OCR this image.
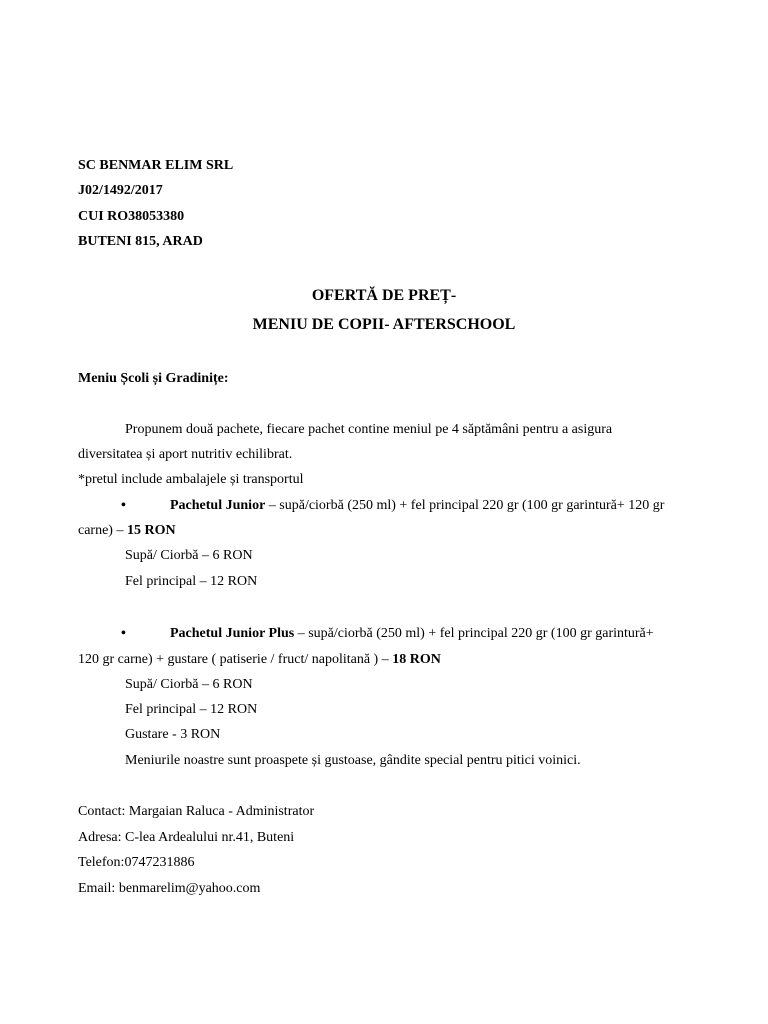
SC BENMAR ELIM SRL
J02/1492/2017
CUI RO38053380
BUTENI 815, ARAD
OFERTĂ DE PREȚ-
MENIU DE COPII- AFTERSCHOOL
Meniu Școli și Gradinițe:
Propunem două pachete, fiecare pachet contine meniul pe 4 săptămâni pentru a asigura
diversitatea și aport nutritiv echilibrat.
*pretul include ambalajele și transportul
•	Pachetul Junior – supă/ciorbă (250 ml) + fel principal 220 gr (100 gr garintură+ 120 gr
carne) – 15 RON
Supă/ Ciorbă – 6 RON
Fel principal – 12 RON
•	Pachetul Junior Plus – supă/ciorbă (250 ml) + fel principal 220 gr (100 gr garintură+
120 gr carne) + gustare ( patiserie / fruct/ napolitană ) – 18 RON
Supă/ Ciorbă – 6 RON
Fel principal – 12 RON
Gustare - 3 RON
Meniurile noastre sunt proaspete și gustoase, gândite special pentru pitici voinici.
Contact: Margaian Raluca - Administrator
Adresa: C-lea Ardealului nr.41, Buteni
Telefon:0747231886
Email: benmarelim@yahoo.com
